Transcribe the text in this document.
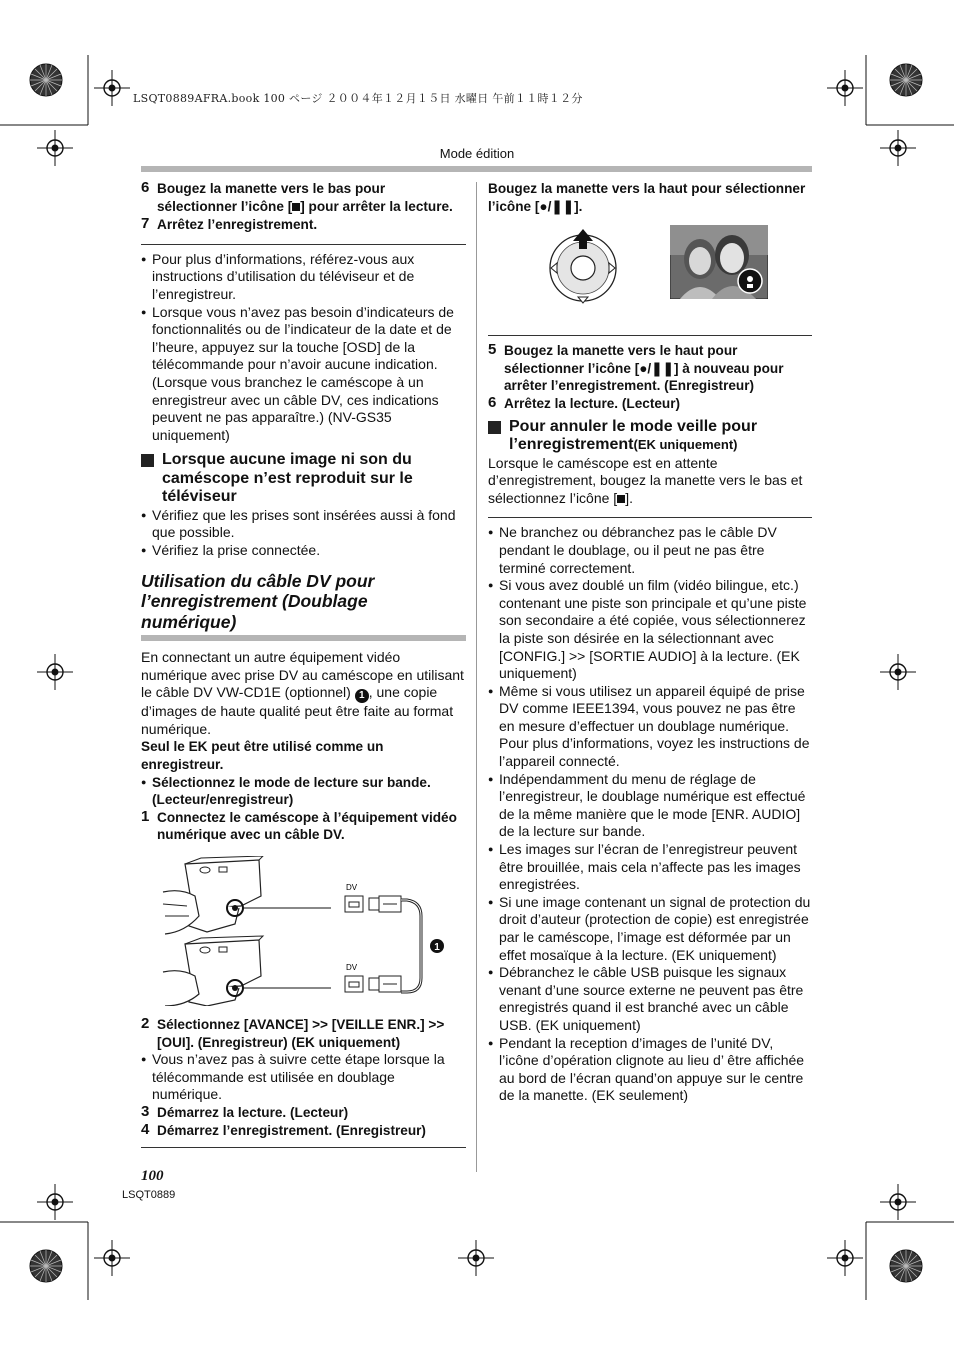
LSQT0889AFRA.book 100 ページ ２００４年１２月１５日 水曜日 午前１１時１２分
Mode édition

6 Bougez la manette vers le bas pour sélectionner l’icône [ ] pour arrêter la lecture.

7 Arrêtez l’enregistrement.

● Pour plus d’informations, référez-vous aux instructions d’utilisation du téléviseur et de l’enregistreur.

● Lorsque vous n’avez pas besoin d’indicateurs de fonctionnalités ou de l’indicateur de la date et de l’heure, appuyez sur la touche [OSD] de la télécommande pour n’avoir aucune indication. (Lorsque vous branchez le caméscope à un enregistreur avec un câble DV, ces indications peuvent ne pas apparaître.) (NV-GS35 uniquement)

Lorsque aucune image ni son du caméscope n’est reproduit sur le téléviseur

● Vérifiez que les prises sont insérées aussi à fond que possible.

● Vérifiez la prise connectée.

Utilisation du câble DV pour l’enregistrement (Doublage numérique)

En connectant un autre équipement vidéo numérique avec prise DV au caméscope en utilisant le câble DV VW-CD1E (optionnel) 1 , une copie d’images de haute qualité peut être faite au format numérique.

Seul le EK peut être utilisé comme un enregistreur.

● Sélectionnez le mode de lecture sur bande. (Lecteur/enregistreur)

1 Connectez le caméscope à l’équipement vidéo numérique avec un câble DV.

DV
DV
1

2 Sélectionnez [AVANCE] >> [VEILLE ENR.] >> [OUI]. (Enregistreur) (EK uniquement)

● Vous n’avez pas à suivre cette étape lorsque la télécommande est utilisée en doublage numérique.

3 Démarrez la lecture. (Lecteur)

4 Démarrez l’enregistrement. (Enregistreur)

Bougez la manette vers la haut pour sélectionner l’icône [●/❚❚].

5 Bougez la manette vers le haut pour sélectionner l’icône [●/❚❚] à nouveau pour arrêter l’enregistrement. (Enregistreur)

6 Arrêtez la lecture. (Lecteur)

Pour annuler le mode veille pour l’enregistrement(EK uniquement)

Lorsque le caméscope est en attente d’enregistrement, bougez la manette vers le bas et sélectionnez l’icône [ ].

● Ne branchez ou débranchez pas le câble DV pendant le doublage, ou il peut ne pas être terminé correctement.

● Si vous avez doublé un film (vidéo bilingue, etc.) contenant une piste son principale et qu’une piste son secondaire a été copiée, vous sélectionnerez la piste son désirée en la sélectionnant avec [CONFIG.] >> [SORTIE AUDIO] à la lecture. (EK uniquement)

● Même si vous utilisez un appareil équipé de prise DV comme IEEE1394, vous pouvez ne pas être en mesure d’effectuer un doublage numérique. Pour plus d’informations, voyez les instructions de l’appareil connecté.

● Indépendamment du menu de réglage de l’enregistreur, le doublage numérique est effectué de la même manière que le mode [ENR. AUDIO] de la lecture sur bande.

● Les images sur l’écran de l’enregistreur peuvent être brouillée, mais cela n’affecte pas les images enregistrées.

● Si une image contenant un signal de protection du droit d’auteur (protection de copie) est enregistrée par le caméscope, l’image est déformée par un effet mosaïque à la lecture. (EK uniquement)

● Débranchez le câble USB puisque les signaux venant d’une source externe ne peuvent pas être enregistrés quand il est branché avec un câble USB. (EK uniquement)

● Pendant la reception d’images de l’unité DV, l’icône d’opération clignote au lieu d’ être affichée au bord de l’écran quand’on appuye sur le centre de la manette. (EK seulement)

100
LSQT0889
